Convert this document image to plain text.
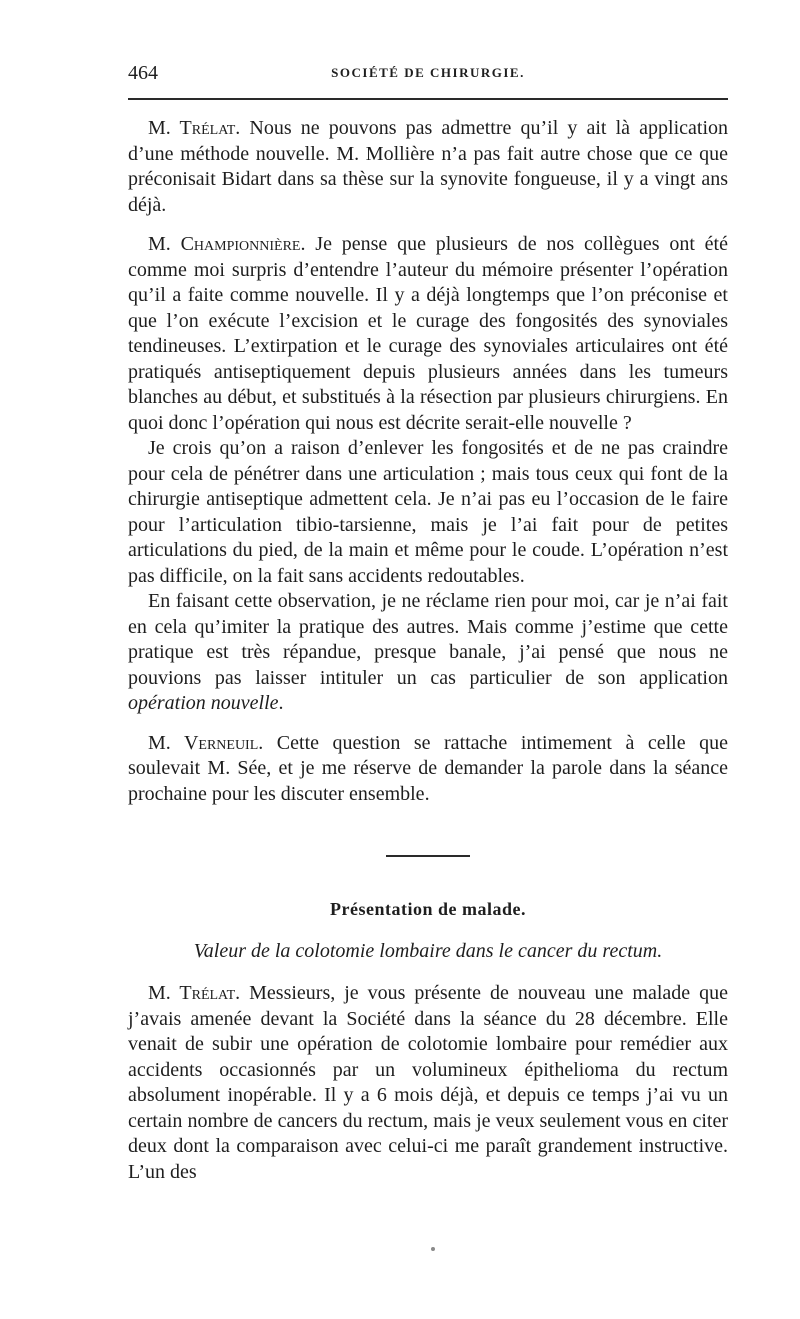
464	SOCIÉTÉ DE CHIRURGIE.

M. Trélat. Nous ne pouvons pas admettre qu’il y ait là application d’une méthode nouvelle. M. Mollière n’a pas fait autre chose que ce que préconisait Bidart dans sa thèse sur la synovite fongueuse, il y a vingt ans déjà.

M. Championnière. Je pense que plusieurs de nos collègues ont été comme moi surpris d’entendre l’auteur du mémoire présenter l’opération qu’il a faite comme nouvelle. Il y a déjà longtemps que l’on préconise et que l’on exécute l’excision et le curage des fongosités des synoviales tendineuses. L’extirpation et le curage des synoviales articulaires ont été pratiqués antiseptiquement depuis plusieurs années dans les tumeurs blanches au début, et substitués à la résection par plusieurs chirurgiens. En quoi donc l’opération qui nous est décrite serait-elle nouvelle ?

Je crois qu’on a raison d’enlever les fongosités et de ne pas craindre pour cela de pénétrer dans une articulation ; mais tous ceux qui font de la chirurgie antiseptique admettent cela. Je n’ai pas eu l’occasion de le faire pour l’articulation tibio-tarsienne, mais je l’ai fait pour de petites articulations du pied, de la main et même pour le coude. L’opération n’est pas difficile, on la fait sans accidents redoutables.

En faisant cette observation, je ne réclame rien pour moi, car je n’ai fait en cela qu’imiter la pratique des autres. Mais comme j’estime que cette pratique est très répandue, presque banale, j’ai pensé que nous ne pouvions pas laisser intituler un cas particulier de son application opération nouvelle.

M. Verneuil. Cette question se rattache intimement à celle que soulevait M. Sée, et je me réserve de demander la parole dans la séance prochaine pour les discuter ensemble.

Présentation de malade.
Valeur de la colotomie lombaire dans le cancer du rectum.

M. Trélat. Messieurs, je vous présente de nouveau une malade que j’avais amenée devant la Société dans la séance du 28 décembre. Elle venait de subir une opération de colotomie lombaire pour remédier aux accidents occasionnés par un volumineux épithelioma du rectum absolument inopérable. Il y a 6 mois déjà, et depuis ce temps j’ai vu un certain nombre de cancers du rectum, mais je veux seulement vous en citer deux dont la comparaison avec celui-ci me paraît grandement instructive. L’un des
